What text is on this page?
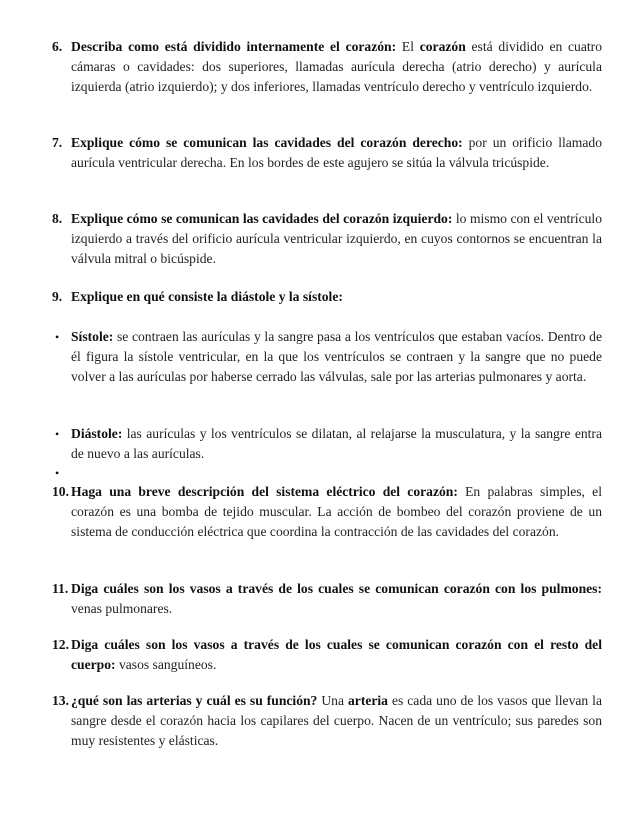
6. Describa como está dividido internamente el corazón: El corazón está dividido en cuatro cámaras o cavidades: dos superiores, llamadas aurícula derecha (atrio derecho) y aurícula izquierda (atrio izquierdo); y dos inferiores, llamadas ventrículo derecho y ventrículo izquierdo.
7. Explique cómo se comunican las cavidades del corazón derecho: por un orificio llamado aurícula ventricular derecha. En los bordes de este agujero se sitúa la válvula tricúspide.
8. Explique cómo se comunican las cavidades del corazón izquierdo: lo mismo con el ventrículo izquierdo a través del orificio aurícula ventricular izquierdo, en cuyos contornos se encuentran la válvula mitral o bicúspide.
9. Explique en qué consiste la diástole y la sístole:
• Sístole: se contraen las aurículas y la sangre pasa a los ventrículos que estaban vacíos. Dentro de él figura la sístole ventricular, en la que los ventrículos se contraen y la sangre que no puede volver a las aurículas por haberse cerrado las válvulas, sale por las arterias pulmonares y aorta.
• Diástole: las aurículas y los ventrículos se dilatan, al relajarse la musculatura, y la sangre entra de nuevo a las aurículas.
•
10. Haga una breve descripción del sistema eléctrico del corazón: En palabras simples, el corazón es una bomba de tejido muscular. La acción de bombeo del corazón proviene de un sistema de conducción eléctrica que coordina la contracción de las cavidades del corazón.
11. Diga cuáles son los vasos a través de los cuales se comunican corazón con los pulmones: venas pulmonares.
12. Diga cuáles son los vasos a través de los cuales se comunican corazón con el resto del cuerpo: vasos sanguíneos.
13. ¿qué son las arterias y cuál es su función? Una arteria es cada uno de los vasos que llevan la sangre desde el corazón hacia los capilares del cuerpo. Nacen de un ventrículo; sus paredes son muy resistentes y elásticas.
